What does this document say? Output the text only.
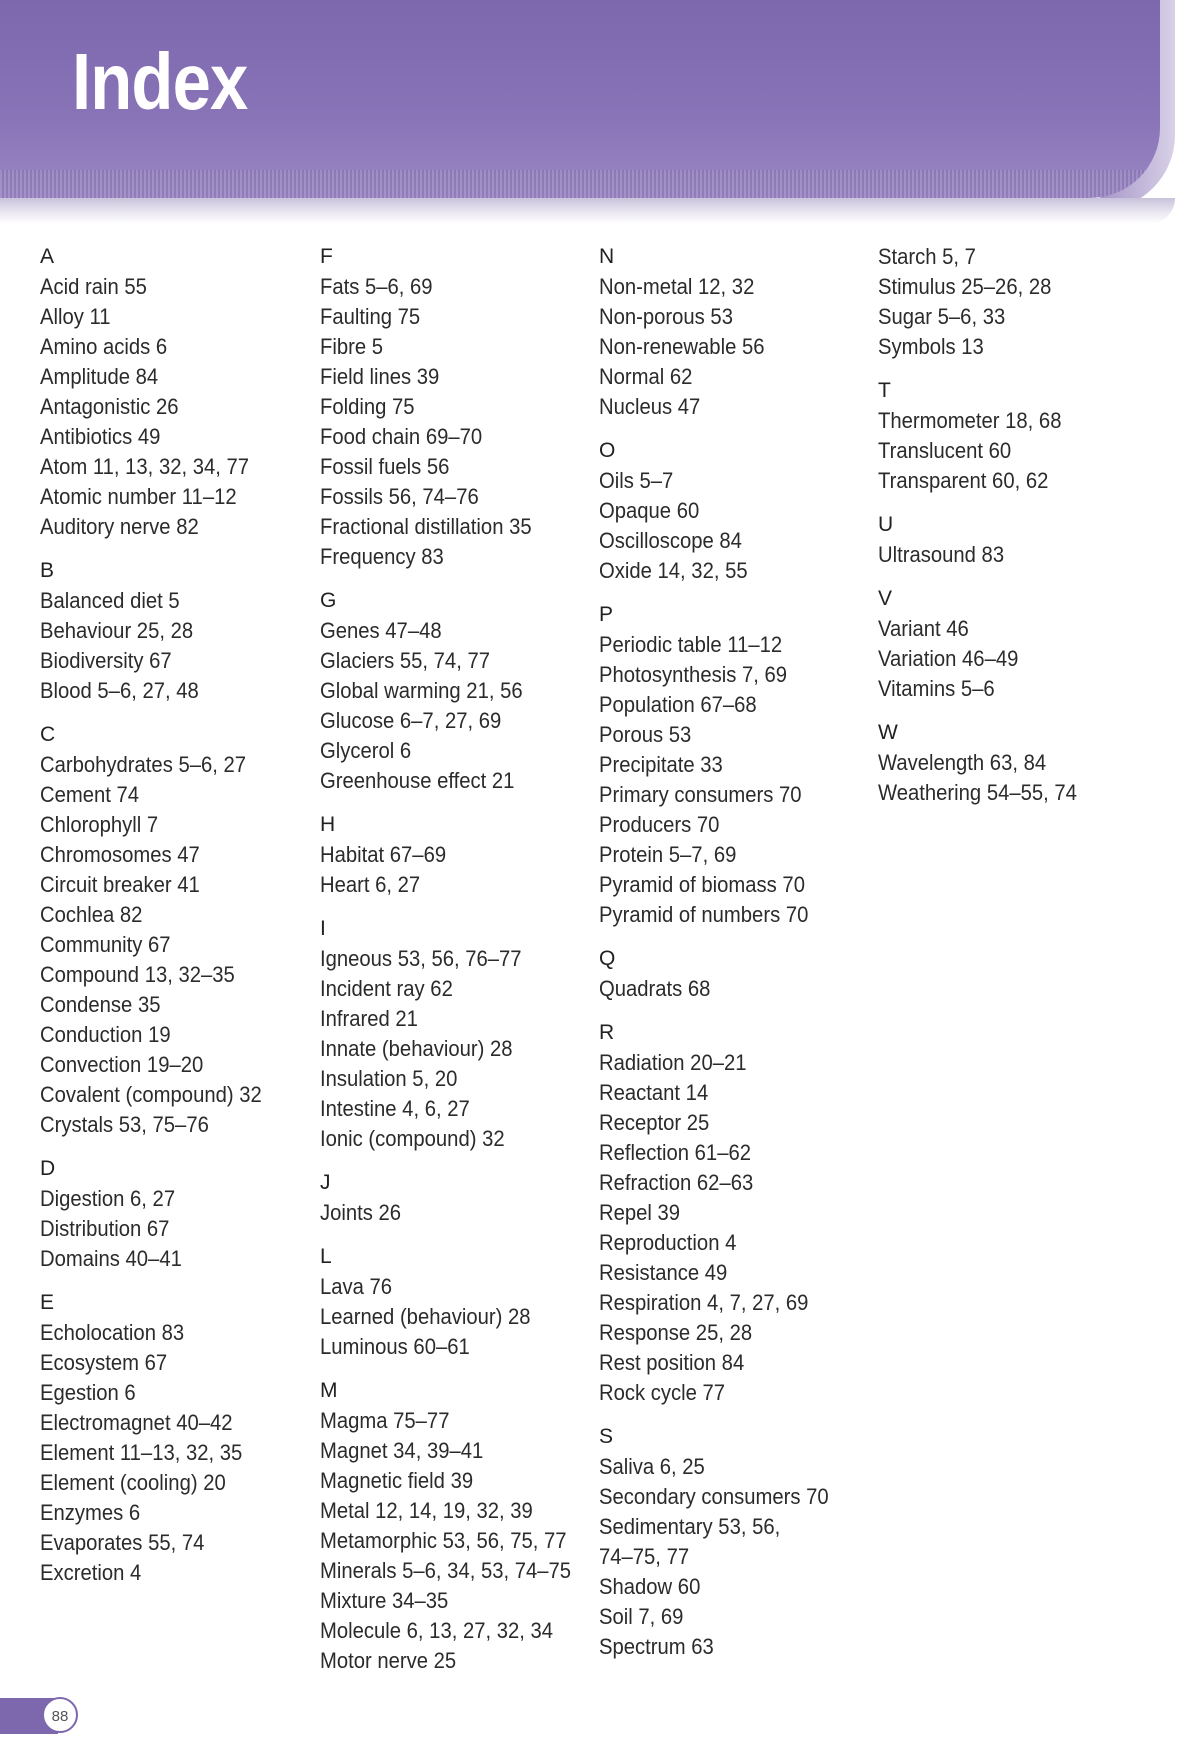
Index
A
Acid rain 55
Alloy 11
Amino acids 6
Amplitude 84
Antagonistic 26
Antibiotics 49
Atom 11, 13, 32, 34, 77
Atomic number 11–12
Auditory nerve 82
B
Balanced diet 5
Behaviour 25, 28
Biodiversity 67
Blood 5–6, 27, 48
C
Carbohydrates 5–6, 27
Cement 74
Chlorophyll 7
Chromosomes 47
Circuit breaker 41
Cochlea 82
Community 67
Compound 13, 32–35
Condense 35
Conduction 19
Convection 19–20
Covalent (compound) 32
Crystals 53, 75–76
D
Digestion 6, 27
Distribution 67
Domains 40–41
E
Echolocation 83
Ecosystem 67
Egestion 6
Electromagnet 40–42
Element 11–13, 32, 35
Element (cooling) 20
Enzymes 6
Evaporates 55, 74
Excretion 4
F
Fats 5–6, 69
Faulting 75
Fibre 5
Field lines 39
Folding 75
Food chain 69–70
Fossil fuels 56
Fossils 56, 74–76
Fractional distillation 35
Frequency 83
G
Genes 47–48
Glaciers 55, 74, 77
Global warming 21, 56
Glucose 6–7, 27, 69
Glycerol 6
Greenhouse effect 21
H
Habitat 67–69
Heart 6, 27
I
Igneous 53, 56, 76–77
Incident ray 62
Infrared 21
Innate (behaviour) 28
Insulation 5, 20
Intestine 4, 6, 27
Ionic (compound) 32
J
Joints 26
L
Lava 76
Learned (behaviour) 28
Luminous 60–61
M
Magma 75–77
Magnet 34, 39–41
Magnetic field 39
Metal 12, 14, 19, 32, 39
Metamorphic 53, 56, 75, 77
Minerals 5–6, 34, 53, 74–75
Mixture 34–35
Molecule 6, 13, 27, 32, 34
Motor nerve 25
N
Non-metal 12, 32
Non-porous 53
Non-renewable 56
Normal 62
Nucleus 47
O
Oils 5–7
Opaque 60
Oscilloscope 84
Oxide 14, 32, 55
P
Periodic table 11–12
Photosynthesis 7, 69
Population 67–68
Porous 53
Precipitate 33
Primary consumers 70
Producers 70
Protein 5–7, 69
Pyramid of biomass 70
Pyramid of numbers 70
Q
Quadrats 68
R
Radiation 20–21
Reactant 14
Receptor 25
Reflection 61–62
Refraction 62–63
Repel 39
Reproduction 4
Resistance 49
Respiration 4, 7, 27, 69
Response 25, 28
Rest position 84
Rock cycle 77
S
Saliva 6, 25
Secondary consumers 70
Sedimentary 53, 56,
74–75, 77
Shadow 60
Soil 7, 69
Spectrum 63
Starch 5, 7
Stimulus 25–26, 28
Sugar 5–6, 33
Symbols 13
T
Thermometer 18, 68
Translucent 60
Transparent 60, 62
U
Ultrasound 83
V
Variant 46
Variation 46–49
Vitamins 5–6
W
Wavelength 63, 84
Weathering 54–55, 74
88
